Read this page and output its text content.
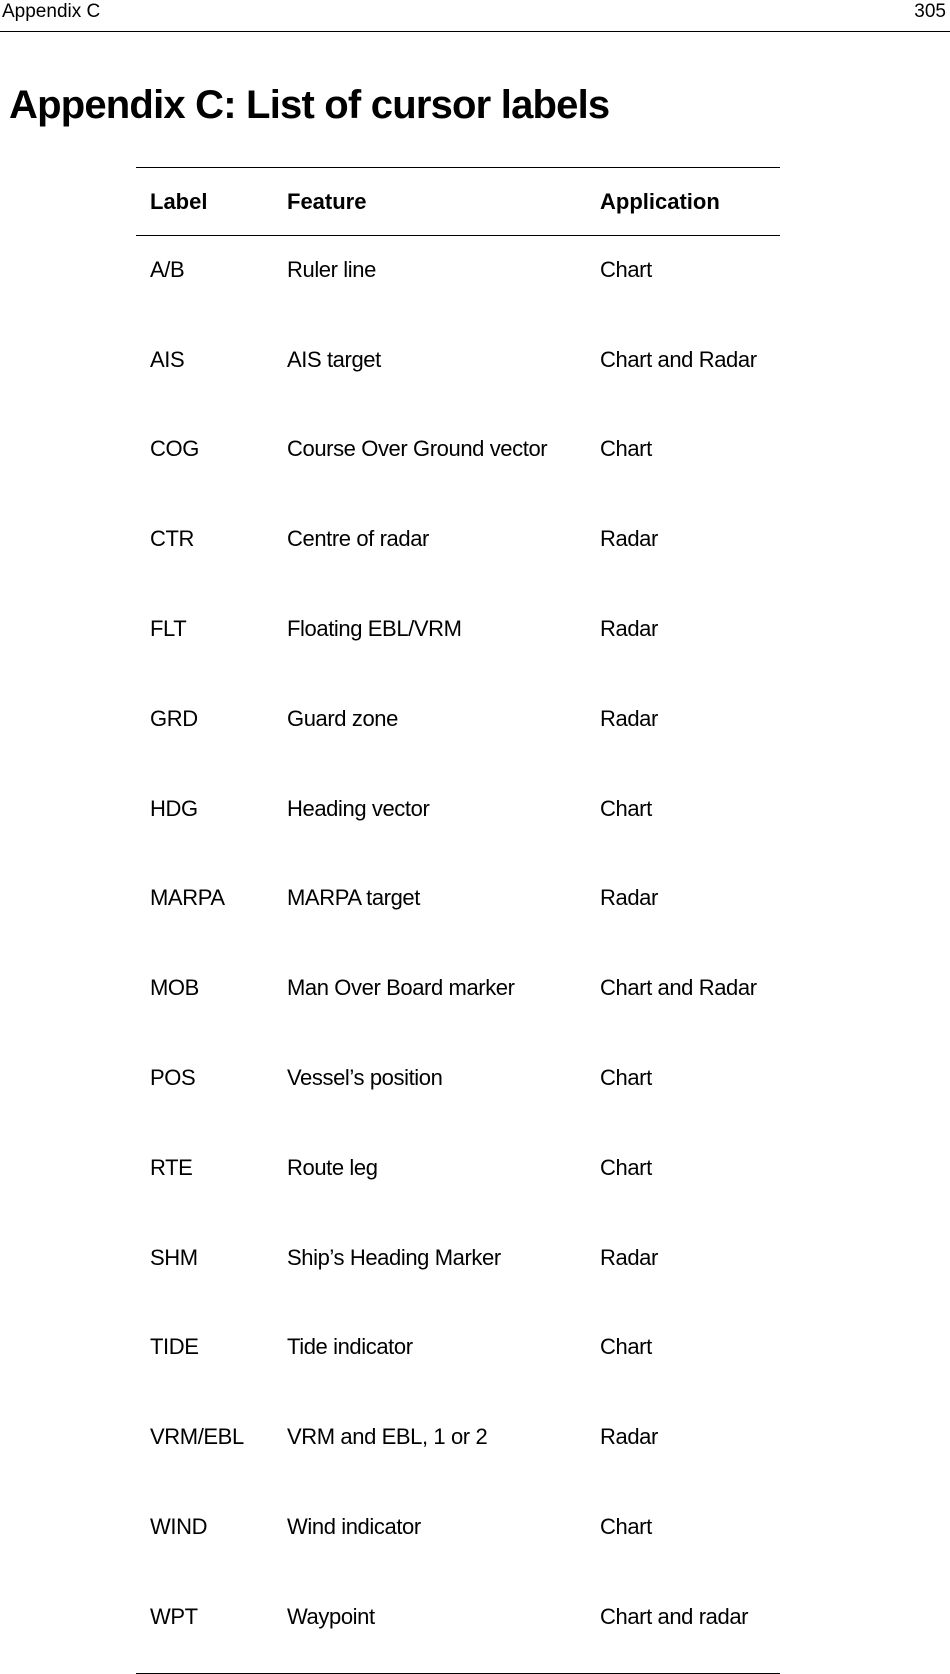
Appendix C	305
Appendix C: List of cursor labels
Label	Feature	Application
A/B	Ruler line	Chart
AIS	AIS target	Chart and Radar
COG	Course Over Ground vector	Chart
CTR	Centre of radar	Radar
FLT	Floating EBL/VRM	Radar
GRD	Guard zone	Radar
HDG	Heading vector	Chart
MARPA	MARPA target	Radar
MOB	Man Over Board marker	Chart and Radar
POS	Vessel’s position	Chart
RTE	Route leg	Chart
SHM	Ship’s Heading Marker	Radar
TIDE	Tide indicator	Chart
VRM/EBL	VRM and EBL, 1 or 2	Radar
WIND	Wind indicator	Chart
WPT	Waypoint	Chart and radar
